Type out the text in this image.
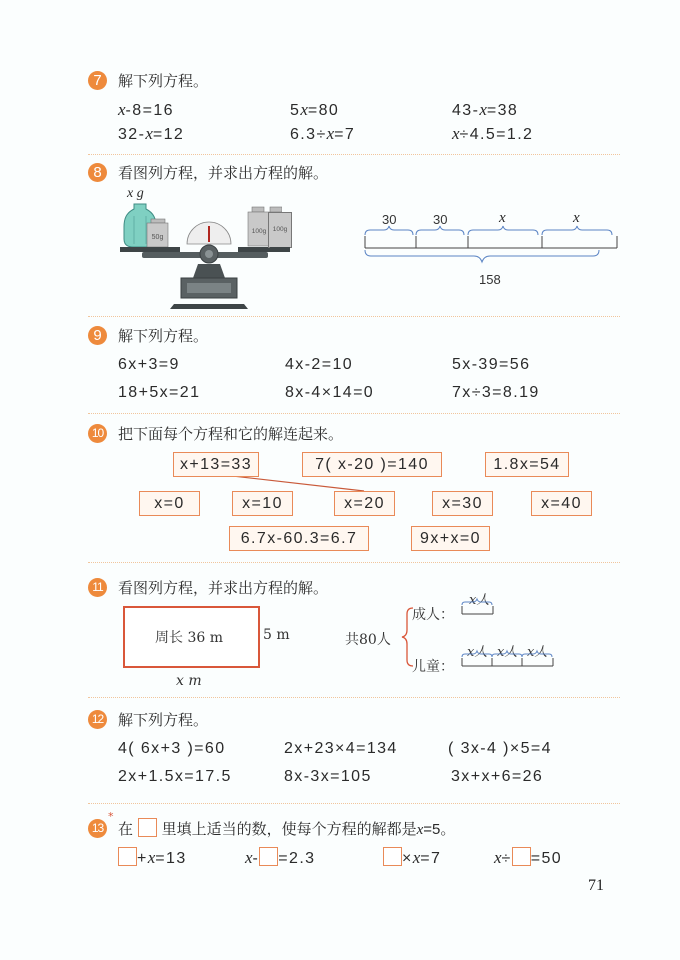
7	解下列方程。
x-8=16	5x=80	43-x=38
32-x=12	6.3÷x=7	x÷4.5=1.2
8	看图列方程，并求出方程的解。
x g
50g
100g	100g
30	30	x	x
158
9	解下列方程。
6x+3=9	4x-2=10	5x-39=56
18+5x=21	8x-4×14=0	7x÷3=8.19
10 把下面每个方程和它的解连起来。
x+13=33	7( x-20 )=140	1.8x=54
x=0	x=10	x=20	x=30	x=40
6.7x-60.3=6.7	9x+x=0
11 看图列方程，并求出方程的解。
周长 36 m	5 m
x m
共80人
成人：
儿童：
x人
x人 x人 x人
12 解下列方程。
4( 6x+3 )=60	2x+23×4=134	( 3x-4 )×5=4
2x+1.5x=17.5	8x-3x=105	3x+x+6=26
13
*
在 里填上适当的数，使每个方程的解都是x=5。
+x=13	x- =2.3	×x=7	x÷ =50
71
